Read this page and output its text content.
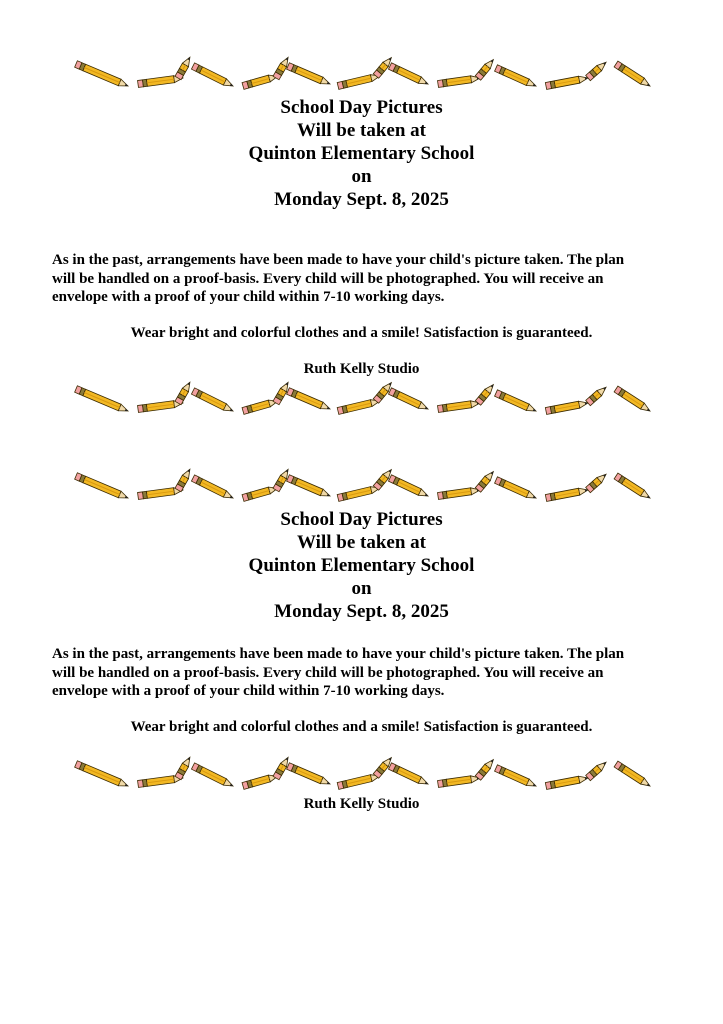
School Day Pictures
Will be taken at
Quinton Elementary School
on
Monday Sept. 8, 2025
As in the past, arrangements have been made to have your child's picture taken. The plan
will be handled on a proof-basis. Every child will be photographed. You will receive an
envelope with a proof of your child within 7-10 working days.
Wear bright and colorful clothes and a smile! Satisfaction is guaranteed.
Ruth Kelly Studio
School Day Pictures
Will be taken at
Quinton Elementary School
on
Monday Sept. 8, 2025
As in the past, arrangements have been made to have your child's picture taken. The plan
will be handled on a proof-basis. Every child will be photographed. You will receive an
envelope with a proof of your child within 7-10 working days.
Wear bright and colorful clothes and a smile! Satisfaction is guaranteed.
Ruth Kelly Studio
